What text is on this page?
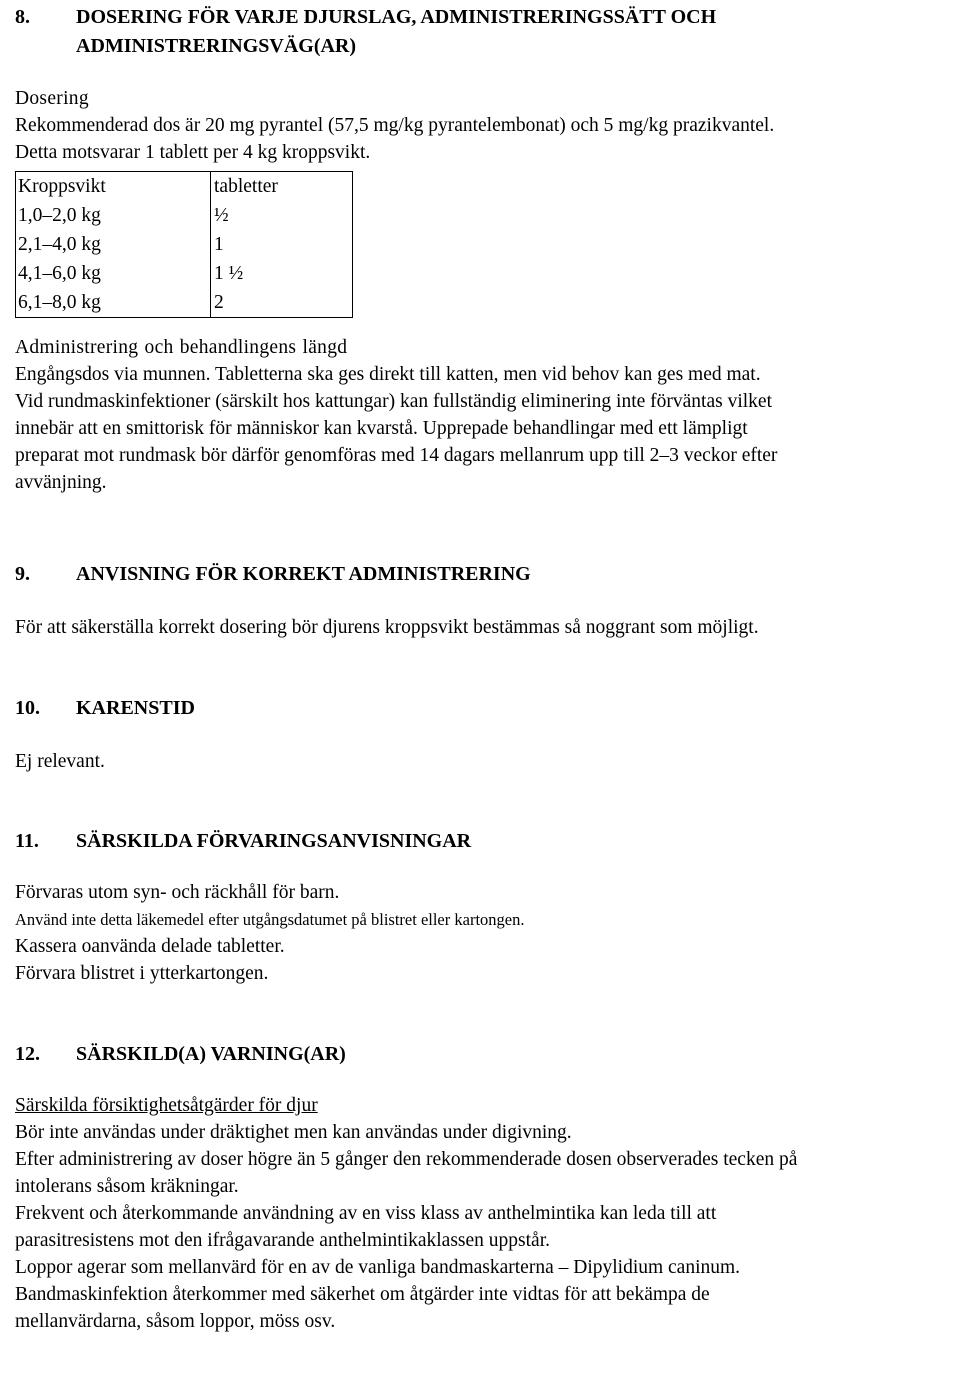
8. DOSERING FÖR VARJE DJURSLAG, ADMINISTRERINGSSÄTT OCH
ADMINISTRERINGSVÄG(AR)

Dosering

Rekommenderad dos är 20 mg pyrantel (57,5 mg/kg pyrantelembonat) och 5 mg/kg prazikvantel.

Detta motsvarar 1 tablett per 4 kg kroppsvikt.

Kroppsvikt	tabletter
1,0–2,0 kg	½
2,1–4,0 kg	1
4,1–6,0 kg	1 ½
6,1–8,0 kg	2

Administrering och behandlingens längd

Engångsdos via munnen. Tabletterna ska ges direkt till katten, men vid behov kan ges med mat.

Vid rundmaskinfektioner (särskilt hos kattungar) kan fullständig eliminering inte förväntas vilket

innebär att en smittorisk för människor kan kvarstå. Upprepade behandlingar med ett lämpligt

preparat mot rundmask bör därför genomföras med 14 dagars mellanrum upp till 2–3 veckor efter

avvänjning.

9. ANVISNING FÖR KORREKT ADMINISTRERING

För att säkerställa korrekt dosering bör djurens kroppsvikt bestämmas så noggrant som möjligt.

10. KARENSTID

Ej relevant.

11. SÄRSKILDA FÖRVARINGSANVISNINGAR

Förvaras utom syn- och räckhåll för barn.

Använd inte detta läkemedel efter utgångsdatumet på blistret eller kartongen.

Kassera oanvända delade tabletter.

Förvara blistret i ytterkartongen.

12. SÄRSKILD(A) VARNING(AR)

Särskilda försiktighetsåtgärder för djur

Bör inte användas under dräktighet men kan användas under digivning.

Efter administrering av doser högre än 5 gånger den rekommenderade dosen observerades tecken på

intolerans såsom kräkningar.

Frekvent och återkommande användning av en viss klass av anthelmintika kan leda till att

parasitresistens mot den ifrågavarande anthelmintikaklassen uppstår.

Loppor agerar som mellanvärd för en av de vanliga bandmaskarterna – Dipylidium caninum.

Bandmaskinfektion återkommer med säkerhet om åtgärder inte vidtas för att bekämpa de

mellanvärdarna, såsom loppor, möss osv.
